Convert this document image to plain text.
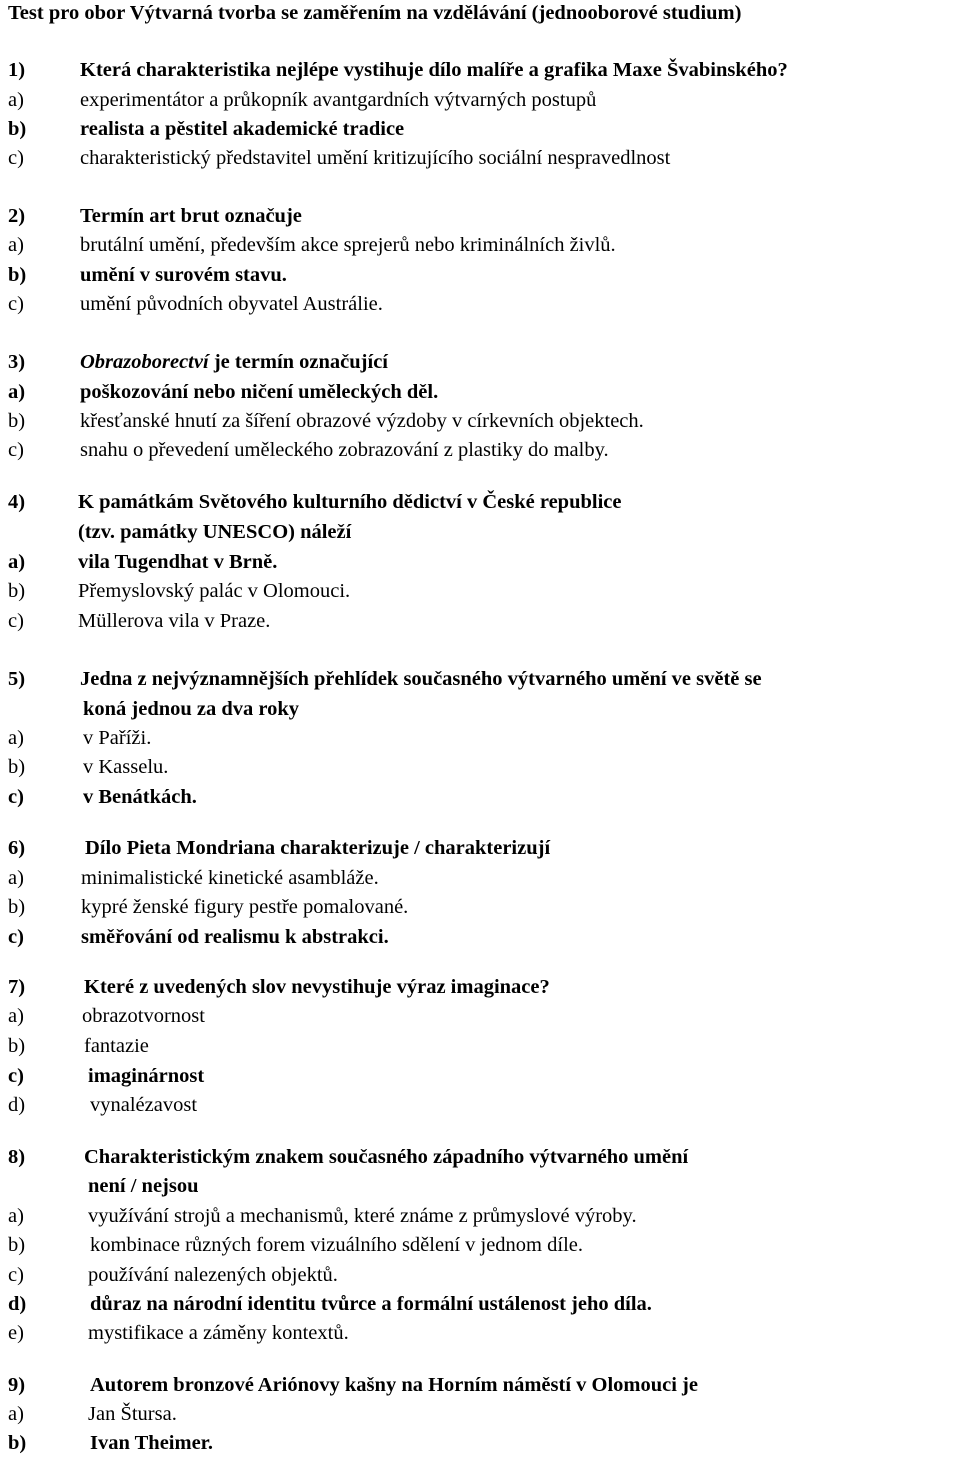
Test pro obor Výtvarná tvorba se zaměřením na vzdělávání (jednooborové studium)
1)	Která charakteristika nejlépe vystihuje dílo malíře a grafika Maxe Švabinského?
a)	experimentátor a průkopník avantgardních výtvarných postupů
b)	realista a pěstitel akademické tradice
c)	charakteristický představitel umění kritizujícího sociální nespravedlnost
2)	Termín art brut označuje
a)	brutální umění, především akce sprejerů nebo kriminálních živlů.
b)	umění v surovém stavu.
c)	umění původních obyvatel Austrálie.
3)	Obrazoborectví je termín označující
a)	poškozování nebo ničení uměleckých děl.
b)	křesťanské hnutí za šíření obrazové výzdoby v církevních objektech.
c)	snahu o převedení uměleckého zobrazování z plastiky do malby.
4)	K památkám Světového kulturního dědictví v České republice
(tzv. památky UNESCO) náleží
a)	vila Tugendhat v Brně.
b)	Přemyslovský palác v Olomouci.
c)	Müllerova vila v Praze.
5)	Jedna z nejvýznamnějších přehlídek současného výtvarného umění ve světě se
koná jednou za dva roky
a)	v Paříži.
b)	v Kasselu.
c)	v Benátkách.
6)	Dílo Pieta Mondriana charakterizuje / charakterizují
a)	minimalistické kinetické asambláže.
b)	kypré ženské figury pestře pomalované.
c)	směřování od realismu k abstrakci.
7)	Které z uvedených slov nevystihuje výraz imaginace?
a)	obrazotvornost
b)	fantazie
c)	imaginárnost
d)	vynalézavost
8)	Charakteristickým znakem současného západního výtvarného umění
není / nejsou
a)	využívání strojů a mechanismů, které známe z průmyslové výroby.
b)	kombinace různých forem vizuálního sdělení v jednom díle.
c)	používání nalezených objektů.
d)	důraz na národní identitu tvůrce a formální ustálenost jeho díla.
e)	mystifikace a záměny kontextů.
9)	Autorem bronzové Ariónovy kašny na Horním náměstí v Olomouci je
a)	Jan Štursa.
b)	Ivan Theimer.
